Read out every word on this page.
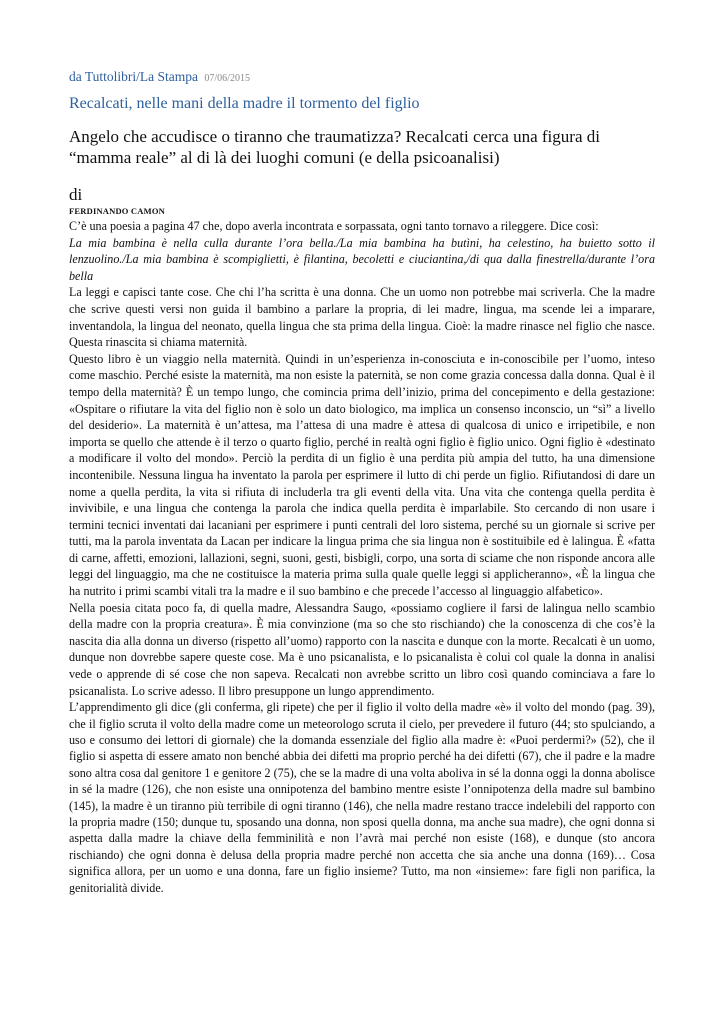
da Tuttolibri/La Stampa 07/06/2015
Recalcati, nelle mani della madre il tormento del figlio
Angelo che accudisce o tiranno che traumatizza? Recalcati cerca una figura di “mamma reale” al di là dei luoghi comuni (e della psicoanalisi)
di
FERDINANDO CAMON

C’è una poesia a pagina 47 che, dopo averla incontrata e sorpassata, ogni tanto tornavo a rileggere. Dice così:

La mia bambina è nella culla durante l’ora bella./La mia bambina ha butìni, ha celestino, ha buietto sotto il lenzuolino./La mia bambina è scompiglietti, è filantina, becoletti e ciuciantina,/di qua dalla finestrella/durante l’ora bella

La leggi e capisci tante cose. Che chi l’ha scritta è una donna. Che un uomo non potrebbe mai scriverla. Che la madre che scrive questi versi non guida il bambino a parlare la propria, di lei madre, lingua, ma scende lei a imparare, inventandola, la lingua del neonato, quella lingua che sta prima della lingua. Cioè: la madre rinasce nel figlio che nasce. Questa rinascita si chiama maternità.

Questo libro è un viaggio nella maternità. Quindi in un’esperienza in-conosciuta e in-conoscibile per l’uomo, inteso come maschio. Perché esiste la maternità, ma non esiste la paternità, se non come grazia concessa dalla donna. Qual è il tempo della maternità? È un tempo lungo, che comincia prima dell’inizio, prima del concepimento e della gestazione: «Ospitare o rifiutare la vita del figlio non è solo un dato biologico, ma implica un consenso inconscio, un “sì” a livello del desiderio». La maternità è un’attesa, ma l’attesa di una madre è attesa di qualcosa di unico e irripetibile, e non importa se quello che attende è il terzo o quarto figlio, perché in realtà ogni figlio è figlio unico. Ogni figlio è «destinato a modificare il volto del mondo». Perciò la perdita di un figlio è una perdita più ampia del tutto, ha una dimensione incontenibile. Nessuna lingua ha inventato la parola per esprimere il lutto di chi perde un figlio. Rifiutandosi di dare un nome a quella perdita, la vita si rifiuta di includerla tra gli eventi della vita. Una vita che contenga quella perdita è invivibile, e una lingua che contenga la parola che indica quella perdita è imparlabile. Sto cercando di non usare i termini tecnici inventati dai lacaniani per esprimere i punti centrali del loro sistema, perché su un giornale si scrive per tutti, ma la parola inventata da Lacan per indicare la lingua prima che sia lingua non è sostituibile ed è lalingua. È «fatta di carne, affetti, emozioni, lallazioni, segni, suoni, gesti, bisbigli, corpo, una sorta di sciame che non risponde ancora alle leggi del linguaggio, ma che ne costituisce la materia prima sulla quale quelle leggi si applicheranno», «È la lingua che ha nutrito i primi scambi vitali tra la madre e il suo bambino e che precede l’accesso al linguaggio alfabetico».

Nella poesia citata poco fa, di quella madre, Alessandra Saugo, «possiamo cogliere il farsi de lalingua nello scambio della madre con la propria creatura». È mia convinzione (ma so che sto rischiando) che la conoscenza di che cos’è la nascita dia alla donna un diverso (rispetto all’uomo) rapporto con la nascita e dunque con la morte. Recalcati è un uomo, dunque non dovrebbe sapere queste cose. Ma è uno psicanalista, e lo psicanalista è colui col quale la donna in analisi vede o apprende di sé cose che non sapeva. Recalcati non avrebbe scritto un libro così quando cominciava a fare lo psicanalista. Lo scrive adesso. Il libro presuppone un lungo apprendimento.

L’apprendimento gli dice (gli conferma, gli ripete) che per il figlio il volto della madre «è» il volto del mondo (pag. 39), che il figlio scruta il volto della madre come un meteorologo scruta il cielo, per prevedere il futuro (44; sto spulciando, a uso e consumo dei lettori di giornale) che la domanda essenziale del figlio alla madre è: «Puoi perdermi?» (52), che il figlio si aspetta di essere amato non benché abbia dei difetti ma proprio perché ha dei difetti (67), che il padre e la madre sono altra cosa dal genitore 1 e genitore 2 (75), che se la madre di una volta aboliva in sé la donna oggi la donna abolisce in sé la madre (126), che non esiste una onnipotenza del bambino mentre esiste l’onnipotenza della madre sul bambino (145), la madre è un tiranno più terribile di ogni tiranno (146), che nella madre restano tracce indelebili del rapporto con la propria madre (150; dunque tu, sposando una donna, non sposi quella donna, ma anche sua madre), che ogni donna si aspetta dalla madre la chiave della femminilità e non l’avrà mai perché non esiste (168), e dunque (sto ancora rischiando) che ogni donna è delusa della propria madre perché non accetta che sia anche una donna (169)… Cosa significa allora, per un uomo e una donna, fare un figlio insieme? Tutto, ma non «insieme»: fare figli non parifica, la genitorialità divide.
